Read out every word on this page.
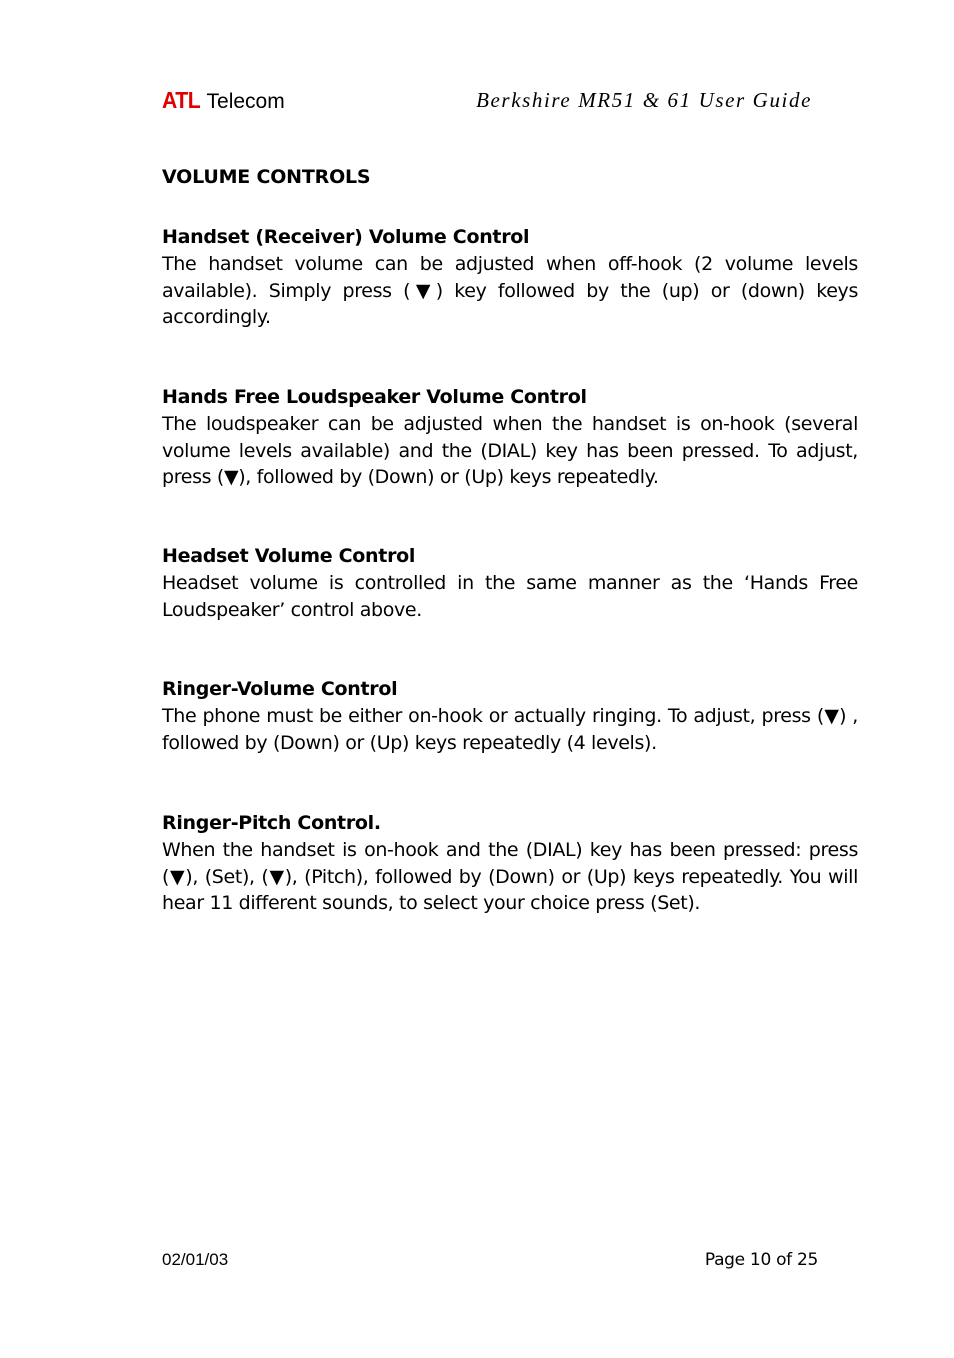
ATL Telecom	Berkshire MR51 & 61 User Guide
VOLUME CONTROLS
Handset (Receiver) Volume Control

The handset volume can be adjusted when off-hook (2 volume levels available). Simply press (▼) key followed by the (up) or (down) keys accordingly.

Hands Free Loudspeaker Volume Control

The loudspeaker can be adjusted when the handset is on-hook (several volume levels available) and the (DIAL) key has been pressed. To adjust, press (▼), followed by (Down) or (Up) keys repeatedly.

Headset Volume Control

Headset volume is controlled in the same manner as the ‘Hands Free Loudspeaker’ control above.

Ringer-Volume Control

The phone must be either on-hook or actually ringing. To adjust, press (▼) , followed by (Down) or (Up) keys repeatedly (4 levels).

Ringer-Pitch Control.

When the handset is on-hook and the (DIAL) key has been pressed: press (▼), (Set), (▼), (Pitch), followed by (Down) or (Up) keys repeatedly. You will hear 11 different sounds, to select your choice press (Set).

02/01/03	Page 10 of 25
